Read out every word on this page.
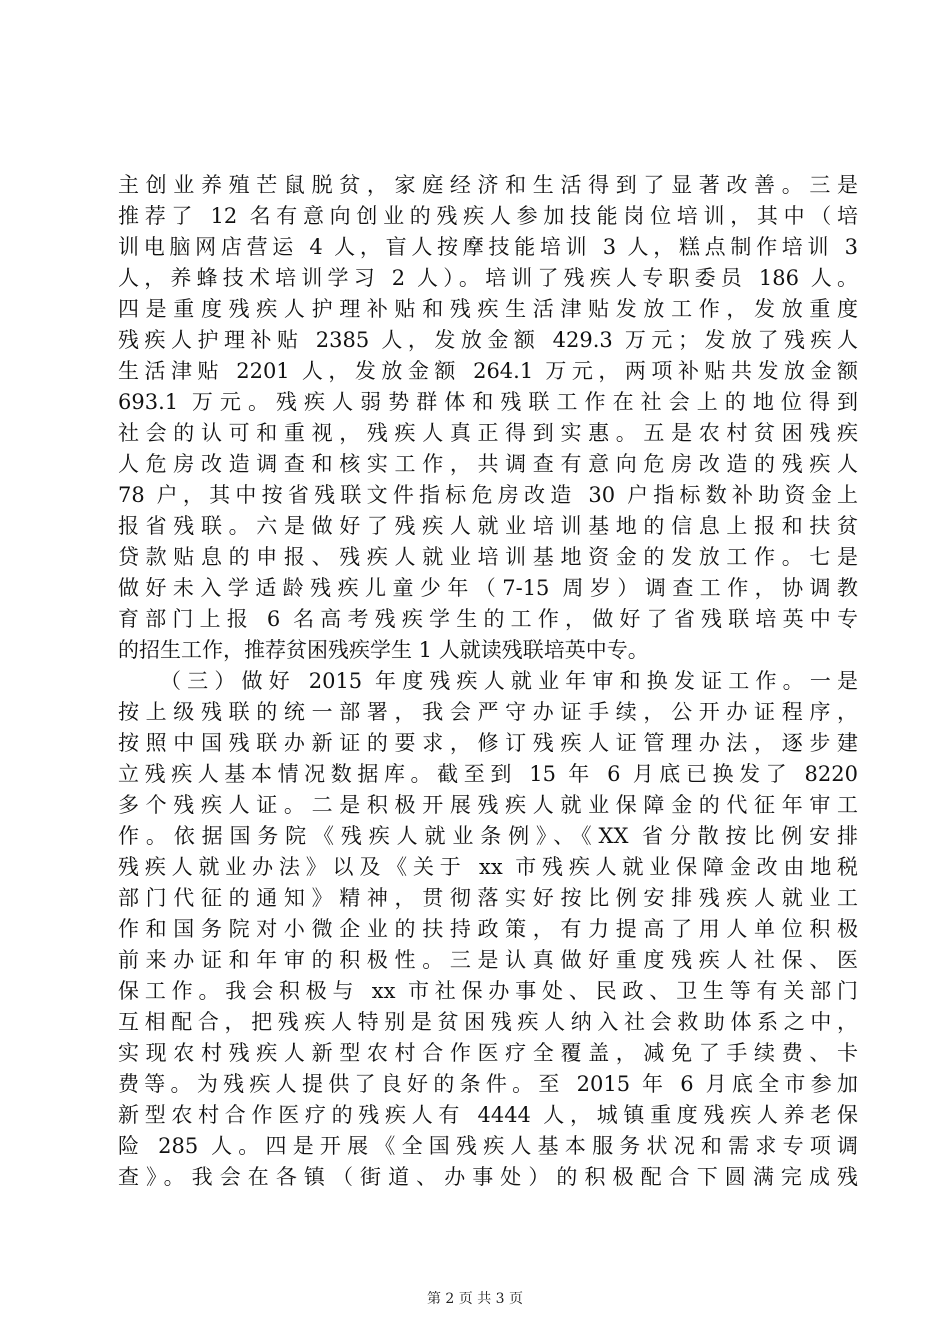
主创业养殖芒鼠脱贫，家庭经济和生活得到了显著改善。三是
推荐了 12 名有意向创业的残疾人参加技能岗位培训，其中（培
训电脑网店营运 4 人，盲人按摩技能培训 3 人，糕点制作培训 3
人，养蜂技术培训学习 2 人）。培训了残疾人专职委员 186 人。
四是重度残疾人护理补贴和残疾生活津贴发放工作，发放重度
残疾人护理补贴 2385 人，发放金额 429.3 万元；发放了残疾人
生活津贴 2201 人，发放金额 264.1 万元，两项补贴共发放金额
693.1 万元。残疾人弱势群体和残联工作在社会上的地位得到
社会的认可和重视，残疾人真正得到实惠。五是农村贫困残疾
人危房改造调查和核实工作，共调查有意向危房改造的残疾人
78 户，其中按省残联文件指标危房改造 30 户指标数补助资金上
报省残联。六是做好了残疾人就业培训基地的信息上报和扶贫
贷款贴息的申报、残疾人就业培训基地资金的发放工作。七是
做好未入学适龄残疾儿童少年（7-15 周岁）调查工作，协调教
育部门上报 6 名高考残疾学生的工作，做好了省残联培英中专
的招生工作，推荐贫困残疾学生 1 人就读残联培英中专。
（三）做好 2015 年度残疾人就业年审和换发证工作。一是
按上级残联的统一部署，我会严守办证手续，公开办证程序，
按照中国残联办新证的要求，修订残疾人证管理办法，逐步建
立残疾人基本情况数据库。截至到 15 年 6 月底已换发了 8220
多个残疾人证。二是积极开展残疾人就业保障金的代征年审工
作。依据国务院《残疾人就业条例》、《XX 省分散按比例安排
残疾人就业办法》以及《关于 xx 市残疾人就业保障金改由地税
部门代征的通知》精神，贯彻落实好按比例安排残疾人就业工
作和国务院对小微企业的扶持政策，有力提高了用人单位积极
前来办证和年审的积极性。三是认真做好重度残疾人社保、医
保工作。我会积极与 xx 市社保办事处、民政、卫生等有关部门
互相配合，把残疾人特别是贫困残疾人纳入社会救助体系之中，
实现农村残疾人新型农村合作医疗全覆盖，减免了手续费、卡
费等。为残疾人提供了良好的条件。至 2015 年 6 月底全市参加
新型农村合作医疗的残疾人有 4444 人，城镇重度残疾人养老保
险 285 人。四是开展《全国残疾人基本服务状况和需求专项调
查》。我会在各镇（街道、办事处）的积极配合下圆满完成残
第 2 页 共 3 页
